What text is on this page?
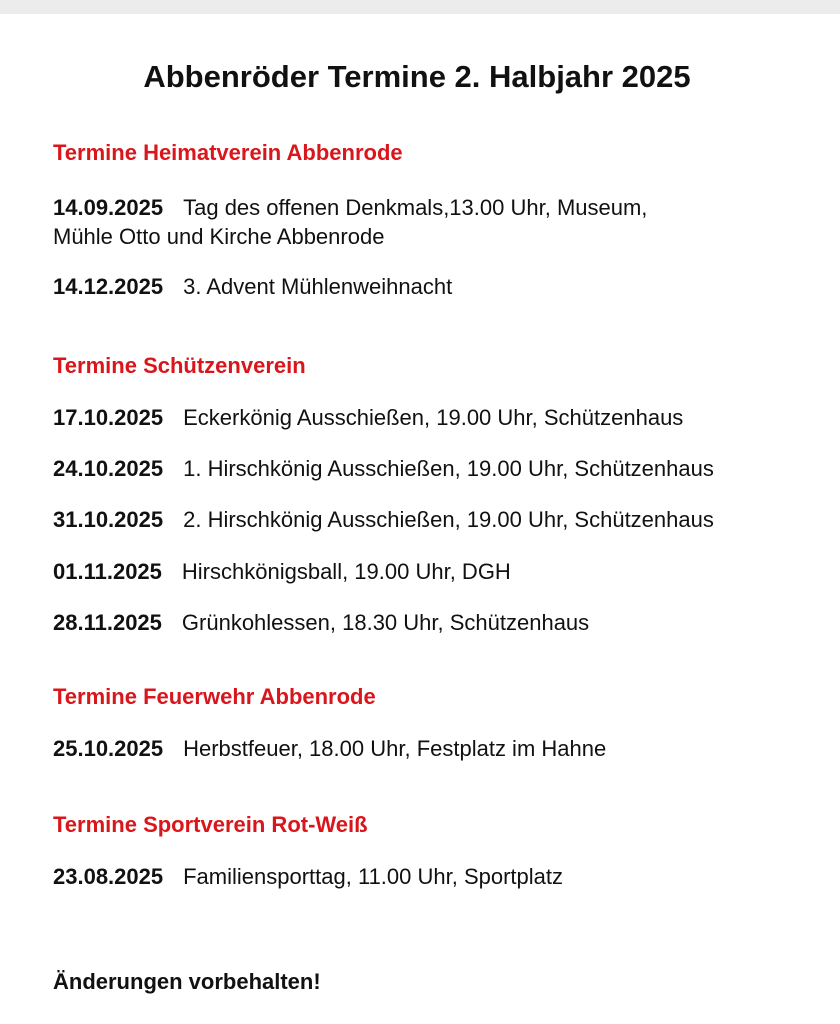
Abbenröder Termine 2. Halbjahr 2025
Termine Heimatverein Abbenrode

14.09.2025 Tag des offenen Denkmals,13.00 Uhr, Museum,
Mühle Otto und Kirche Abbenrode

14.12.2025 3. Advent Mühlenweihnacht

Termine Schützenverein

17.10.2025 Eckerkönig Ausschießen, 19.00 Uhr, Schützenhaus

24.10.2025 1. Hirschkönig Ausschießen, 19.00 Uhr, Schützenhaus

31.10.2025 2. Hirschkönig Ausschießen, 19.00 Uhr, Schützenhaus

01.11.2025 Hirschkönigsball, 19.00 Uhr, DGH

28.11.2025 Grünkohlessen, 18.30 Uhr, Schützenhaus

Termine Feuerwehr Abbenrode

25.10.2025 Herbstfeuer, 18.00 Uhr, Festplatz im Hahne

Termine Sportverein Rot-Weiß

23.08.2025 Familiensporttag, 11.00 Uhr, Sportplatz

Änderungen vorbehalten!
